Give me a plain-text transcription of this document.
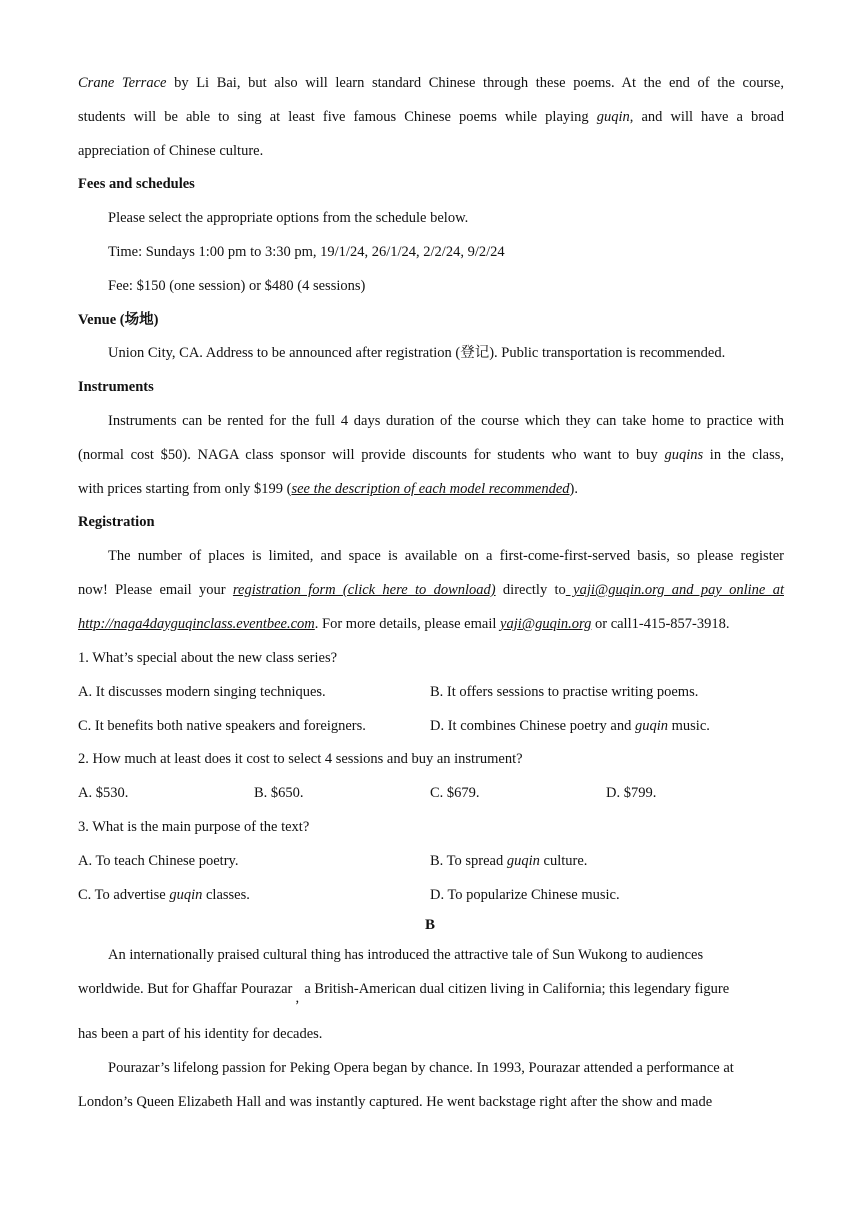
Crane Terrace by Li Bai, but also will learn standard Chinese through these poems. At the end of the course,

students will be able to sing at least five famous Chinese poems while playing guqin, and will have a broad

appreciation of Chinese culture.

Fees and schedules

Please select the appropriate options from the schedule below.

Time: Sundays 1:00 pm to 3:30 pm, 19/1/24, 26/1/24, 2/2/24, 9/2/24

Fee: $150 (one session) or $480 (4 sessions)

Venue (场地)

Union City, CA. Address to be announced after registration (登记). Public transportation is recommended.

Instruments

Instruments can be rented for the full 4 days duration of the course which they can take home to practice with

(normal cost $50). NAGA class sponsor will provide discounts for students who want to buy guqins in the class,

with prices starting from only $199 (see the description of each model recommended).

Registration

The number of places is limited, and space is available on a first-come-first-served basis, so please register

now! Please email your registration form (click here to download) directly to yaji@guqin.org and pay online at

http://naga4dayguqinclass.eventbee.com. For more details, please email yaji@guqin.org or call1-415-857-3918.

1. What’s special about the new class series?

A. It discusses modern singing techniques.	B. It offers sessions to practise writing poems.

C. It benefits both native speakers and foreigners.	D. It combines Chinese poetry and guqin music.

2. How much at least does it cost to select 4 sessions and buy an instrument?

A. $530.	B. $650.	C. $679.	D. $799.

3. What is the main purpose of the text?

A. To teach Chinese poetry.	B. To spread guqin culture.

C. To advertise guqin classes.	D. To popularize Chinese music.

B

An internationally praised cultural thing has introduced the attractive tale of Sun Wukong to audiences

worldwide. But for Ghaffar Pourazar,a British-American dual citizen living in California; this legendary figure

has been a part of his identity for decades.

Pourazar’s lifelong passion for Peking Opera began by chance. In 1993, Pourazar attended a performance at

London’s Queen Elizabeth Hall and was instantly captured. He went backstage right after the show and made
